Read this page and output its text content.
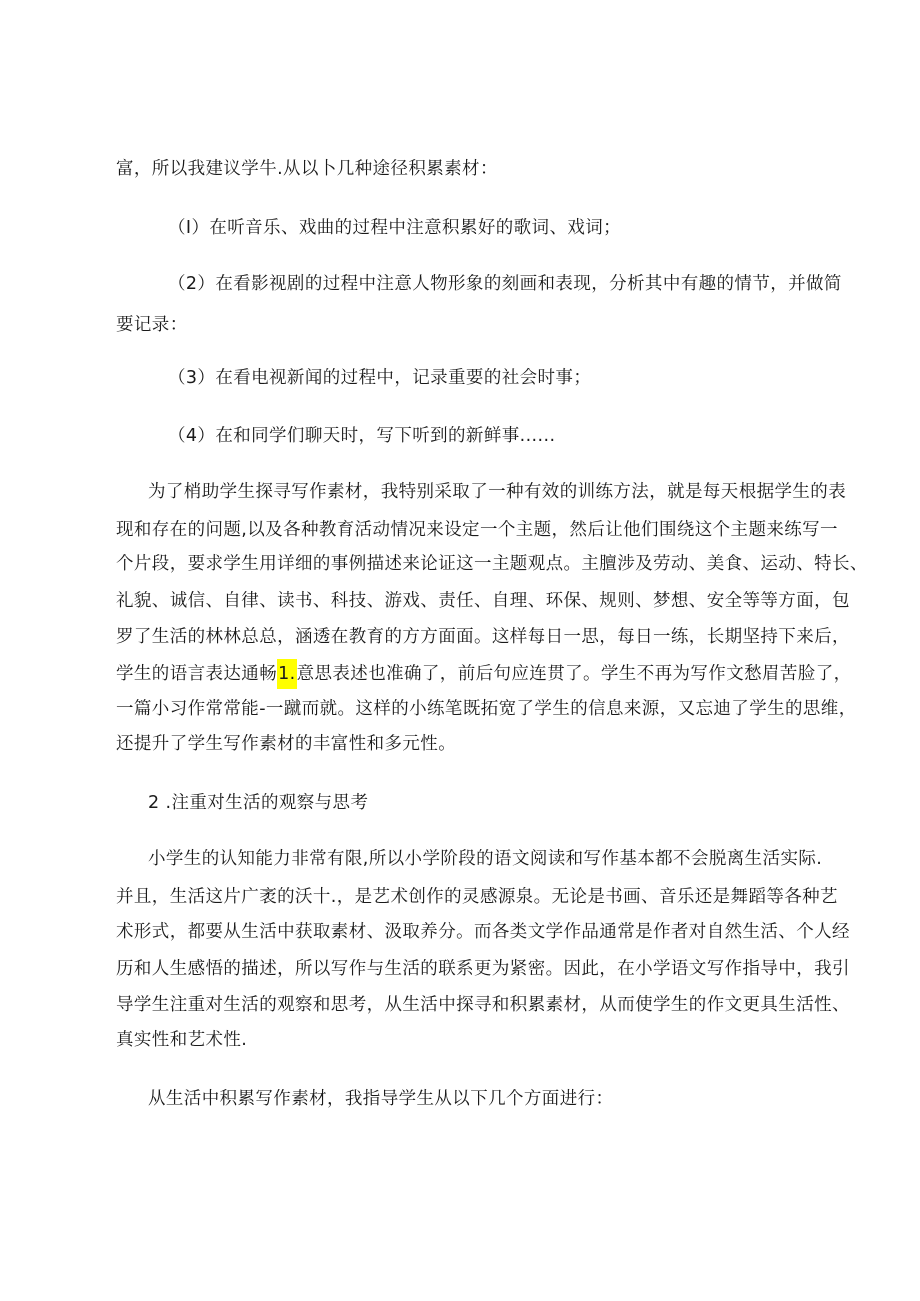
富，所以我建议学牛.从以卜几种途径积累素材：
（I）在听音乐、戏曲的过程中注意积累好的歌词、戏词；
（2）在看影视剧的过程中注意人物形象的刻画和表现，分析其中有趣的情节，并做简
要记录：
（3）在看电视新闻的过程中，记录重要的社会时事；
（4）在和同学们聊天时，写下听到的新鲜事......
为了梢助学生探寻写作素材，我特别采取了一种有效的训练方法，就是每天根据学生的表
现和存在的问题,以及各种教育活动情况来设定一个主题，然后让他们围绕这个主题来练写一
个片段，要求学生用详细的事例描述来论证这一主题观点。主膻涉及劳动、美食、运动、特长、
礼貌、诚信、自律、读书、科技、游戏、责任、自理、环保、规则、梦想、安全等等方面，包
罗了生活的林林总总，涵透在教育的方方面面。这样每日一思，每日一练，长期坚持下来后，
学生的语言表达通畅1.意思表述也准确了，前后句应连贯了。学生不再为写作文愁眉苦脸了，
一篇小习作常常能-一蹴而就。这样的小练笔既拓宽了学生的信息来源，又忘迪了学生的思维，
还提升了学生写作素材的丰富性和多元性。
2 .注重对生活的观察与思考
小学生的认知能力非常有限,所以小学阶段的语文阅读和写作基本都不会脱离生活实际.
并且，生活这片广袤的沃十.，是艺术创作的灵感源泉。无论是书画、音乐还是舞蹈等各种艺
术形式，都要从生活中获取素材、汲取养分。而各类文学作品通常是作者对自然生活、个人经
历和人生感悟的描述，所以写作与生活的联系更为紧密。因此，在小学语文写作指导中，我引
导学生注重对生活的观察和思考，从生活中探寻和积累素材，从而使学生的作文更具生活性、
真实性和艺术性.
从生活中积累写作素材，我指导学生从以下几个方面进行：
